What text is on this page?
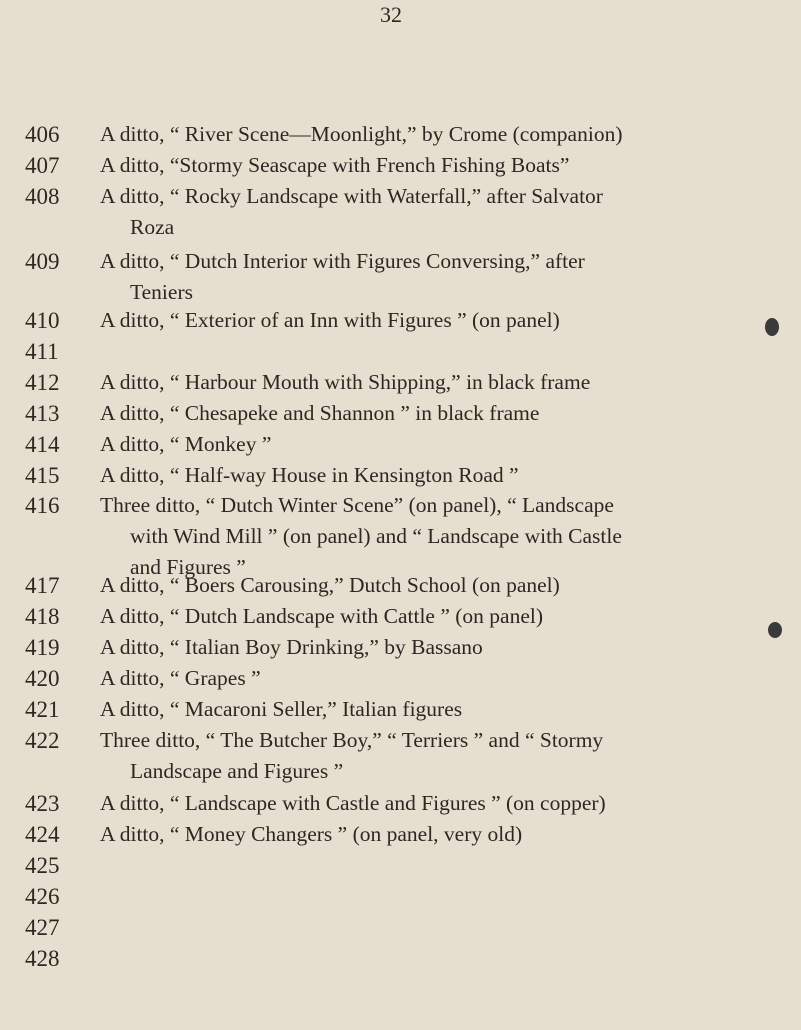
32
406	A ditto, “ River Scene—Moonlight,” by Crome (companion)
407	A ditto, “Stormy Seascape with French Fishing Boats”
408	A ditto, “ Rocky Landscape with Waterfall,” after Salvator
Roza
409	A ditto, “ Dutch Interior with Figures Conversing,” after
Teniers
410	A ditto, “ Exterior of an Inn with Figures ” (on panel)
411
412	A ditto, “ Harbour Mouth with Shipping,” in black frame
413	A ditto, “ Chesapeke and Shannon ” in black frame
414	A ditto, “ Monkey ”
415	A ditto, “ Half-way House in Kensington Road ”
416	Three ditto, “ Dutch Winter Scene” (on panel), “ Landscape
with Wind Mill ” (on panel) and “ Landscape with Castle
and Figures ”
417	A ditto, “ Boers Carousing,” Dutch School (on panel)
418	A ditto, “ Dutch Landscape with Cattle ” (on panel)
419	A ditto, “ Italian Boy Drinking,” by Bassano
420	A ditto, “ Grapes ”
421	A ditto, “ Macaroni Seller,” Italian figures
422	Three ditto, “ The Butcher Boy,” “ Terriers ” and “ Stormy
Landscape and Figures ”
423	A ditto, “ Landscape with Castle and Figures ” (on copper)
424	A ditto, “ Money Changers ” (on panel, very old)
425
426
427
428
